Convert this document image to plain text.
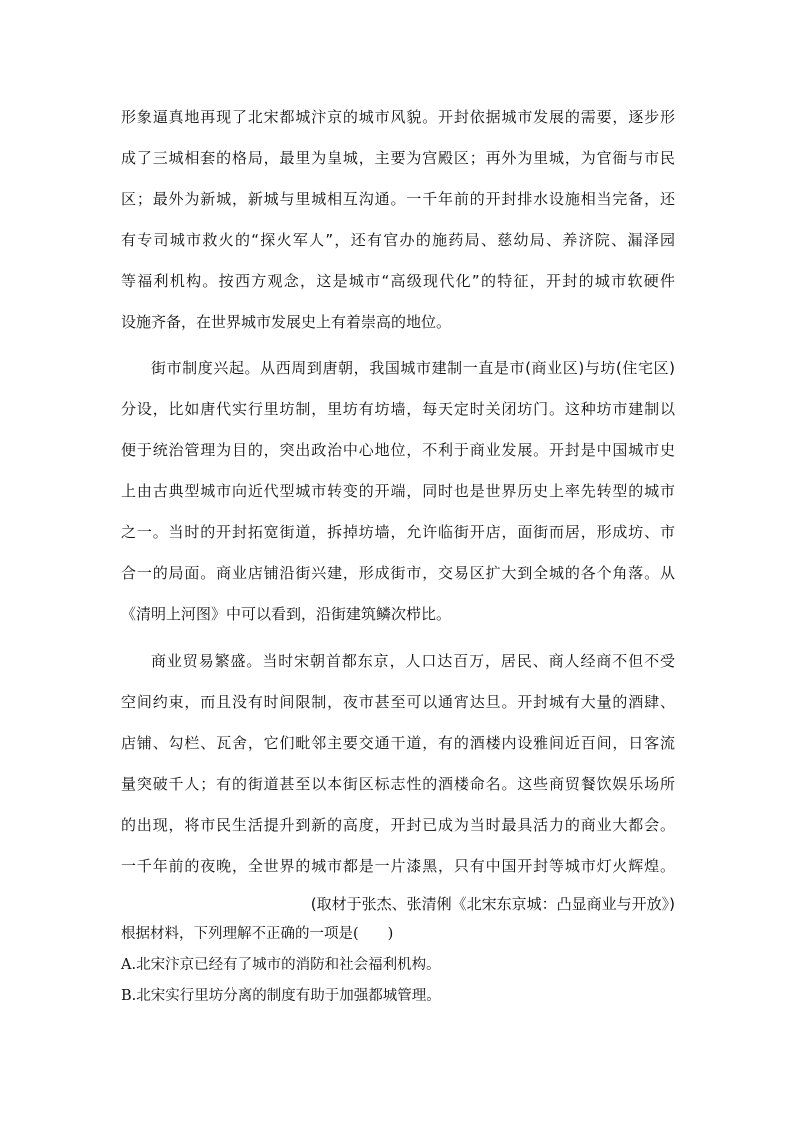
形象逼真地再现了北宋都城汴京的城市风貌。开封依据城市发展的需要，逐步形
成了三城相套的格局，最里为皇城，主要为宫殿区；再外为里城，为官衙与市民
区；最外为新城，新城与里城相互沟通。一千年前的开封排水设施相当完备，还
有专司城市救火的“探火军人”，还有官办的施药局、慈幼局、养济院、漏泽园
等福利机构。按西方观念，这是城市“高级现代化”的特征，开封的城市软硬件
设施齐备，在世界城市发展史上有着崇高的地位。
街市制度兴起。从西周到唐朝，我国城市建制一直是市(商业区)与坊(住宅区)
分设，比如唐代实行里坊制，里坊有坊墙，每天定时关闭坊门。这种坊市建制以
便于统治管理为目的，突出政治中心地位，不利于商业发展。开封是中国城市史
上由古典型城市向近代型城市转变的开端，同时也是世界历史上率先转型的城市
之一。当时的开封拓宽街道，拆掉坊墙，允许临街开店，面街而居，形成坊、市
合一的局面。商业店铺沿街兴建，形成街市，交易区扩大到全城的各个角落。从
《清明上河图》中可以看到，沿街建筑鳞次栉比。
商业贸易繁盛。当时宋朝首都东京，人口达百万，居民、商人经商不但不受
空间约束，而且没有时间限制，夜市甚至可以通宵达旦。开封城有大量的酒肆、
店铺、勾栏、瓦舍，它们毗邻主要交通干道，有的酒楼内设雅间近百间，日客流
量突破千人；有的街道甚至以本街区标志性的酒楼命名。这些商贸餐饮娱乐场所
的出现，将市民生活提升到新的高度，开封已成为当时最具活力的商业大都会。
一千年前的夜晚，全世界的城市都是一片漆黑，只有中国开封等城市灯火辉煌。
(取材于张杰、张清俐《北宋东京城：凸显商业与开放》)
根据材料，下列理解不正确的一项是(　　)
A.北宋汴京已经有了城市的消防和社会福利机构。
B.北宋实行里坊分离的制度有助于加强都城管理。
